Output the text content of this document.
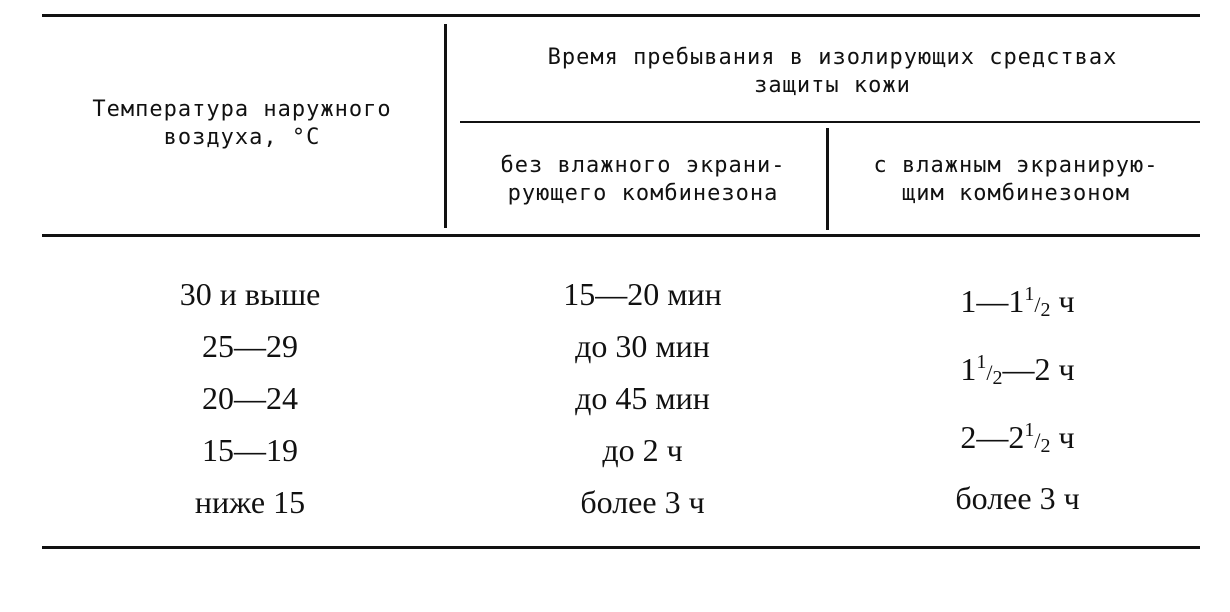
Температура наружного
воздуха, °С
Время пребывания в изолирующих средствах
защиты кожи
без влажного экрани-
рующего комбинезона
с влажным экранирую-
щим комбинезоном
30 и выше
25—29
20—24
15—19
ниже 15
15—20 мин
до 30 мин
до 45 мин
до 2 ч
более 3 ч
$1—1^1/_2$ ч
$1^1/_2—2$ ч
$2—2^1/_2$ ч
более 3 ч
